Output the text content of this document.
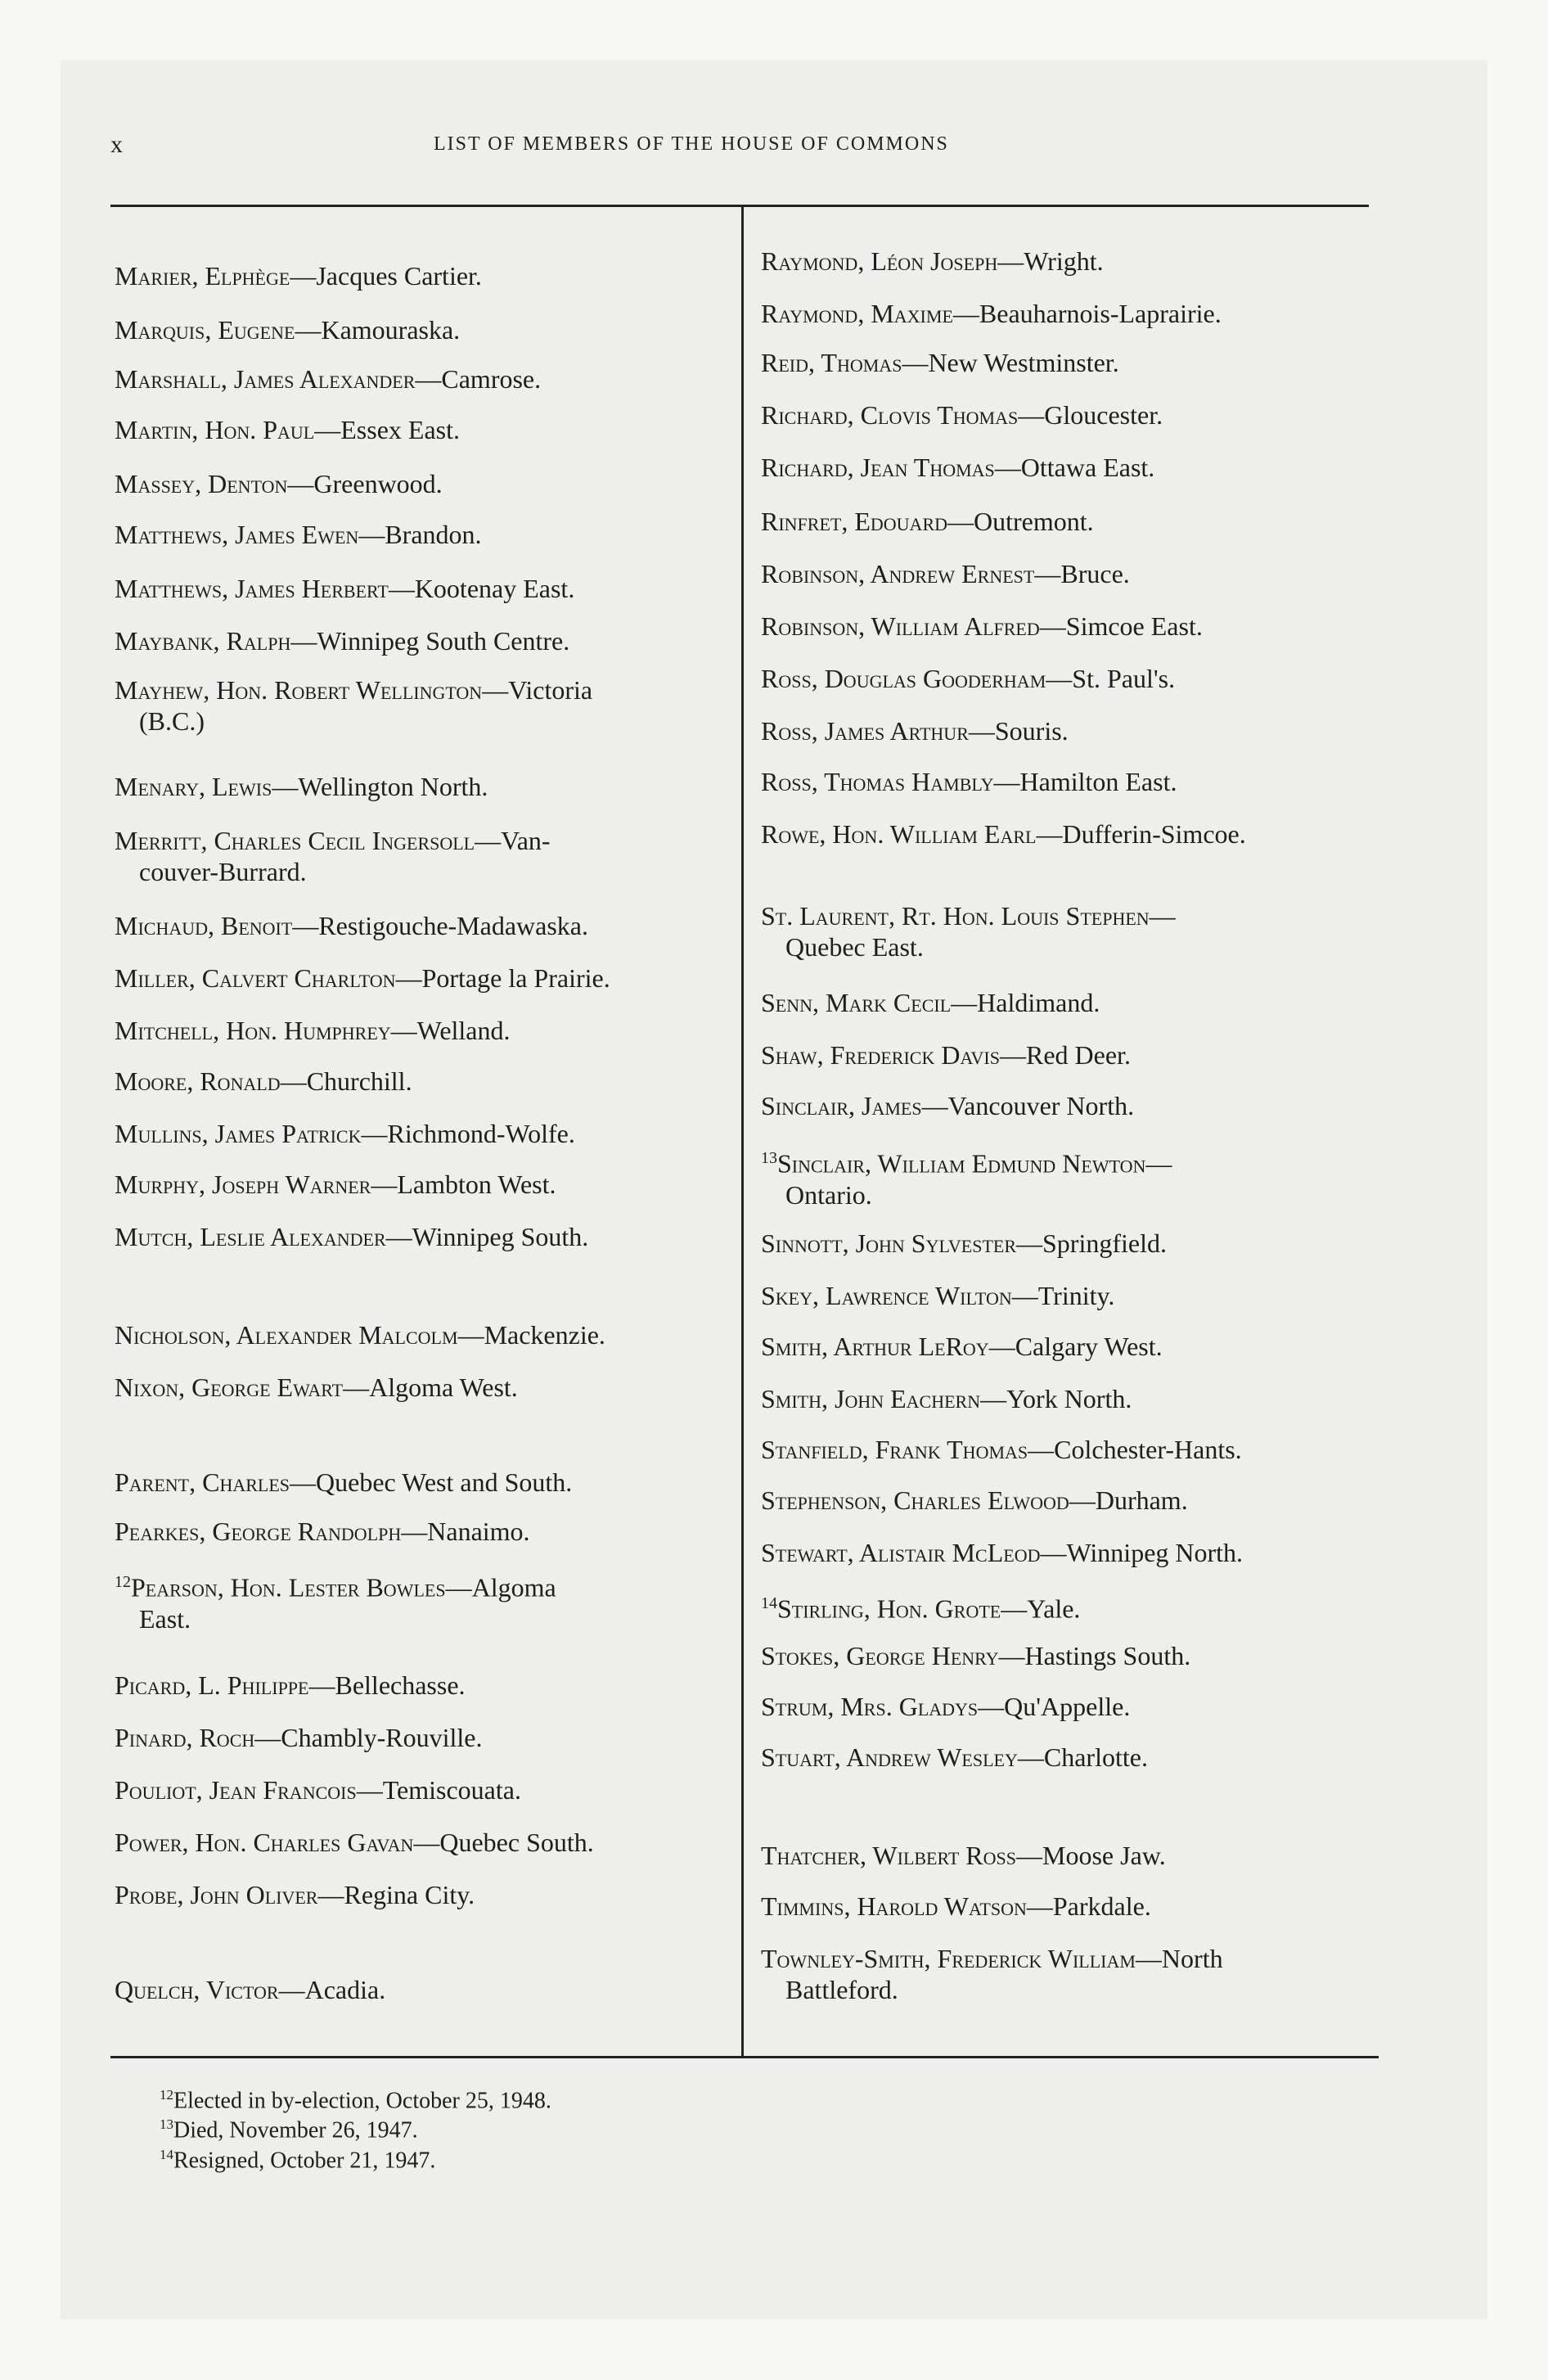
x	LIST OF MEMBERS OF THE HOUSE OF COMMONS
Marier, Elphège—Jacques Cartier.
Marquis, Eugene—Kamouraska.
Marshall, James Alexander—Camrose.
Martin, Hon. Paul—Essex East.
Massey, Denton—Greenwood.
Matthews, James Ewen—Brandon.
Matthews, James Herbert—Kootenay East.
Maybank, Ralph—Winnipeg South Centre.
Mayhew, Hon. Robert Wellington—Victoria
(B.C.)
Menary, Lewis—Wellington North.
Merritt, Charles Cecil Ingersoll—Van-
couver-Burrard.
Michaud, Benoit—Restigouche-Madawaska.
Miller, Calvert Charlton—Portage la Prairie.
Mitchell, Hon. Humphrey—Welland.
Moore, Ronald—Churchill.
Mullins, James Patrick—Richmond-Wolfe.
Murphy, Joseph Warner—Lambton West.
Mutch, Leslie Alexander—Winnipeg South.
Nicholson, Alexander Malcolm—Mackenzie.
Nixon, George Ewart—Algoma West.
Parent, Charles—Quebec West and South.
Pearkes, George Randolph—Nanaimo.
$^{12}$Pearson, Hon. Lester Bowles—Algoma
East.
Picard, L. Philippe—Bellechasse.
Pinard, Roch—Chambly-Rouville.
Pouliot, Jean Francois—Temiscouata.
Power, Hon. Charles Gavan—Quebec South.
Probe, John Oliver—Regina City.
Quelch, Victor—Acadia.
Raymond, Léon Joseph—Wright.
Raymond, Maxime—Beauharnois-Laprairie.
Reid, Thomas—New Westminster.
Richard, Clovis Thomas—Gloucester.
Richard, Jean Thomas—Ottawa East.
Rinfret, Edouard—Outremont.
Robinson, Andrew Ernest—Bruce.
Robinson, William Alfred—Simcoe East.
Ross, Douglas Gooderham—St. Paul's.
Ross, James Arthur—Souris.
Ross, Thomas Hambly—Hamilton East.
Rowe, Hon. William Earl—Dufferin-Simcoe.
St. Laurent, Rt. Hon. Louis Stephen—
Quebec East.
Senn, Mark Cecil—Haldimand.
Shaw, Frederick Davis—Red Deer.
Sinclair, James—Vancouver North.
$^{13}$Sinclair, William Edmund Newton—
Ontario.
Sinnott, John Sylvester—Springfield.
Skey, Lawrence Wilton—Trinity.
Smith, Arthur LeRoy—Calgary West.
Smith, John Eachern—York North.
Stanfield, Frank Thomas—Colchester-Hants.
Stephenson, Charles Elwood—Durham.
Stewart, Alistair McLeod—Winnipeg North.
$^{14}$Stirling, Hon. Grote—Yale.
Stokes, George Henry—Hastings South.
Strum, Mrs. Gladys—Qu'Appelle.
Stuart, Andrew Wesley—Charlotte.
Thatcher, Wilbert Ross—Moose Jaw.
Timmins, Harold Watson—Parkdale.
Townley-Smith, Frederick William—North
Battleford.
$^{12}$Elected in by-election, October 25, 1948.
$^{13}$Died, November 26, 1947.
$^{14}$Resigned, October 21, 1947.
